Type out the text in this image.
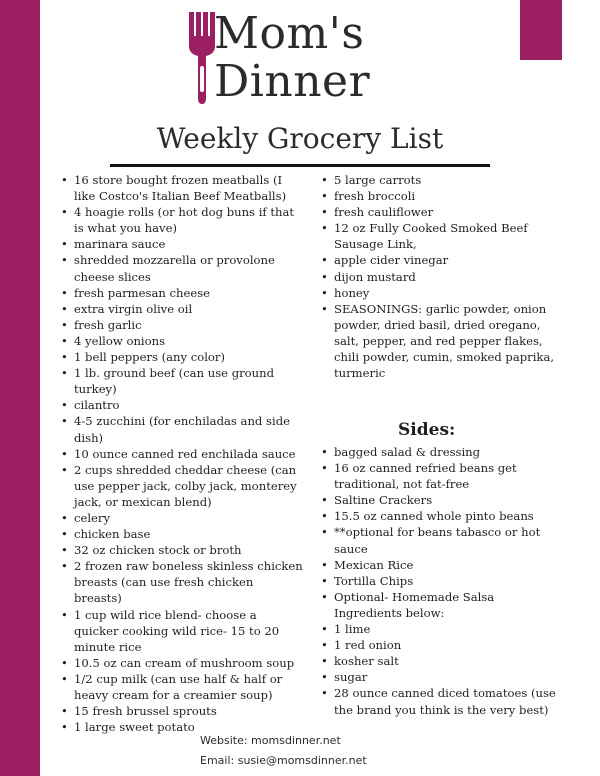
Mom's
Dinner
Weekly Grocery List
• 16 store bought frozen meatballs (I like Costco's Italian Beef Meatballs)
• 4 hoagie rolls (or hot dog buns if that is what you have)
• marinara sauce
• shredded mozzarella or provolone cheese slices
• fresh parmesan cheese
• extra virgin olive oil
• fresh garlic
• 4 yellow onions
• 1 bell peppers (any color)
• 1 lb. ground beef (can use ground turkey)
• cilantro
• 4-5 zucchini (for enchiladas and side dish)
• 10 ounce canned red enchilada sauce
• 2 cups shredded cheddar cheese (can use pepper jack, colby jack, monterey jack, or mexican blend)
• celery
• chicken base
• 32 oz chicken stock or broth
• 2 frozen raw boneless skinless chicken breasts (can use fresh chicken breasts)
• 1 cup wild rice blend- choose a quicker cooking wild rice- 15 to 20 minute rice
• 10.5 oz can cream of mushroom soup
• 1/2 cup milk (can use half & half or heavy cream for a creamier soup)
• 15 fresh brussel sprouts
• 1 large sweet potato
• 5 large carrots
• fresh broccoli
• fresh cauliflower
• 12 oz Fully Cooked Smoked Beef Sausage Link,
• apple cider vinegar
• dijon mustard
• honey
• SEASONINGS: garlic powder, onion powder, dried basil, dried oregano, salt, pepper, and red pepper flakes, chili powder, cumin, smoked paprika, turmeric
Sides:
• bagged salad & dressing
• 16 oz canned refried beans get traditional, not fat-free
• Saltine Crackers
• 15.5 oz canned whole pinto beans
• **optional for beans tabasco or hot sauce
• Mexican Rice
• Tortilla Chips
• Optional- Homemade Salsa
Ingredients below:
• 1 lime
• 1 red onion
• kosher salt
• sugar
• 28 ounce canned diced tomatoes (use the brand you think is the very best)
Website: momsdinner.net
Email: susie@momsdinner.net
